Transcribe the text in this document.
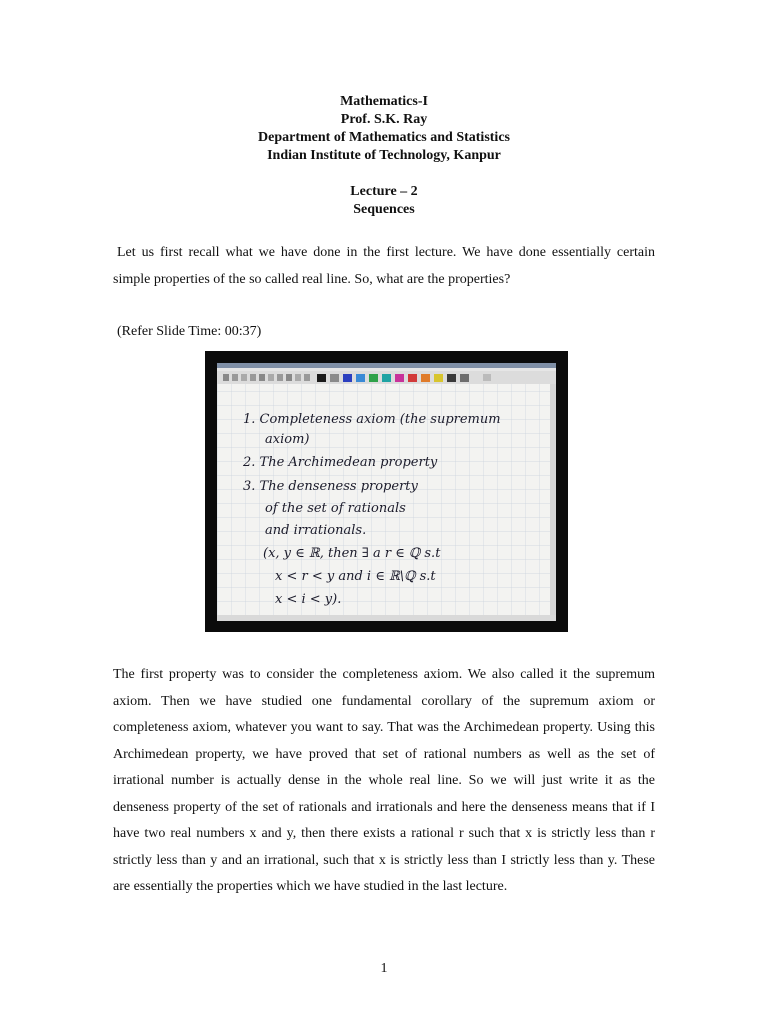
Mathematics-I
Prof. S.K. Ray
Department of Mathematics and Statistics
Indian Institute of Technology, Kanpur
Lecture – 2
Sequences
Let us first recall what we have done in the first lecture. We have done essentially certain simple properties of the so called real line. So, what are the properties?
(Refer Slide Time: 00:37)
1. Completeness axiom (the supremum
axiom)
2. The Archimedean property
3. The denseness property
of the set of rationals
and irrationals.
(x, y ∈ ℝ, then ∃ a r ∈ ℚ s.t
x < r < y and i ∈ ℝ\ℚ s.t
x < i < y).
The first property was to consider the completeness axiom. We also called it the supremum axiom. Then we have studied one fundamental corollary of the supremum axiom or completeness axiom, whatever you want to say. That was the Archimedean property. Using this Archimedean property, we have proved that set of rational numbers as well as the set of irrational number is actually dense in the whole real line. So we will just write it as the denseness property of the set of rationals and irrationals and here the denseness means that if I have two real numbers x and y, then there exists a rational r such that x is strictly less than r strictly less than y and an irrational, such that x is strictly less than I strictly less than y. These are essentially the properties which we have studied in the last lecture.
1
